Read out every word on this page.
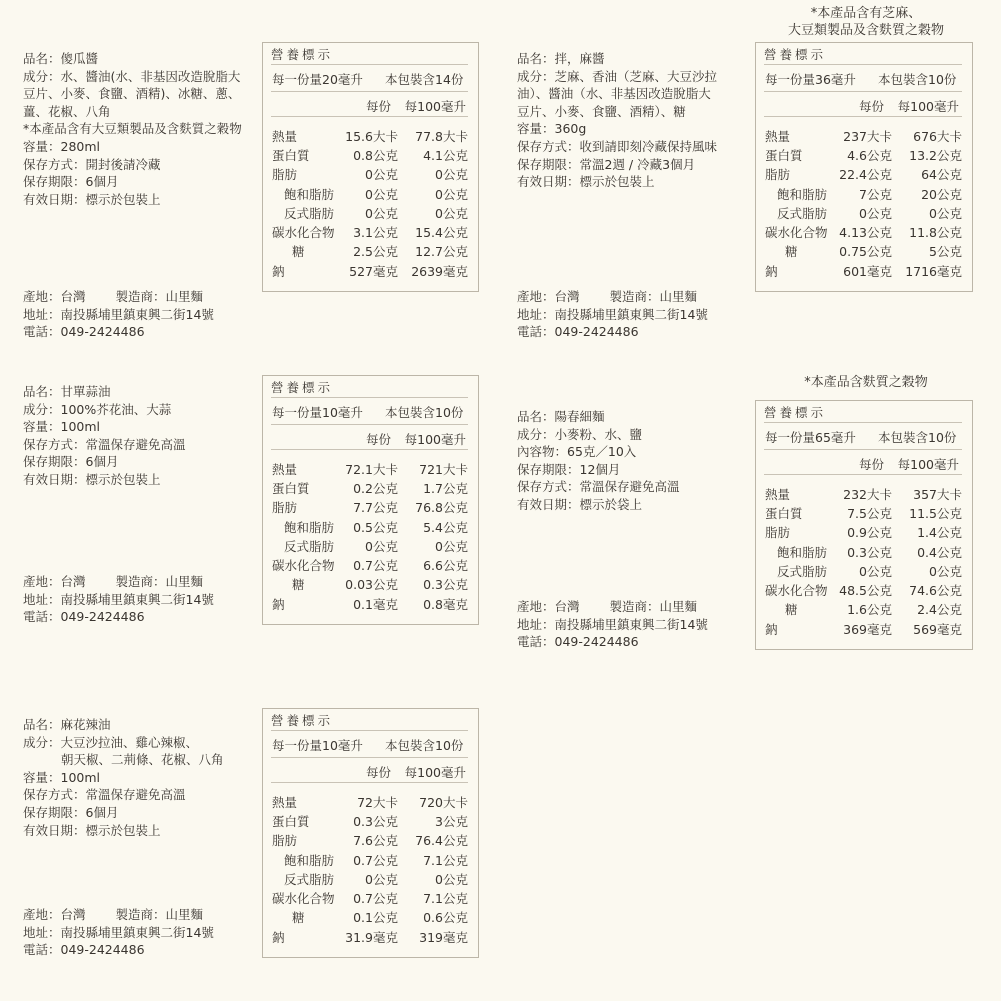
品名：傻瓜醬
成分：水、醬油(水、非基因改造脫脂大
豆片、小麥、食鹽、酒精)、冰糖、蔥、
薑、花椒、八角
*本產品含有大豆類製品及含麩質之穀物
容量：280ml
保存方式：開封後請冷藏
保存期限：6個月
有效日期：標示於包裝上
產地：台灣 製造商：山里麵
地址：南投縣埔里鎮東興二街14號
電話：049-2424486
營養標示
每一份量20毫升 本包裝含14份
每份	每100毫升
熱量	15.6大卡 77.8大卡
蛋白質	0.8公克 4.1公克
脂肪	0公克	0公克
飽和脂肪 0公克	0公克
反式脂肪 0公克	0公克
碳水化合物 3.1公克 15.4公克
糖	2.5公克 12.7公克
鈉	527毫克 2639毫克
品名：拌，麻醬
成分：芝麻、香油（芝麻、大豆沙拉
油）、醬油（水、非基因改造脫脂大
豆片、小麥、食鹽、酒精）、糖
容量：360g
保存方式：收到請即刻冷藏保持風味
保存期限：常溫2週 / 冷藏3個月
有效日期：標示於包裝上
產地：台灣 製造商：山里麵
地址：南投縣埔里鎮東興二街14號
電話：049-2424486
*本產品含有芝麻、
大豆類製品及含麩質之穀物
營養標示
每一份量36毫升 本包裝含10份
每份	每100毫升
熱量	237大卡 676大卡
蛋白質	4.6公克 13.2公克
脂肪	22.4公克 64公克
飽和脂肪	7公克 20公克
反式脂肪	0公克	0公克
碳水化合物 4.13公克 11.8公克
糖	0.75公克	5公克
鈉	601毫克 1716毫克
品名：甘單蒜油
成分：100%芥花油、大蒜
容量：100ml
保存方式：常溫保存避免高溫
保存期限：6個月
有效日期：標示於包裝上
產地：台灣 製造商：山里麵
地址：南投縣埔里鎮東興二街14號
電話：049-2424486
營養標示
每一份量10毫升 本包裝含10份
每份	每100毫升
熱量	72.1大卡 721大卡
蛋白質	0.2公克 1.7公克
脂肪	7.7公克 76.8公克
飽和脂肪 0.5公克 5.4公克
反式脂肪 0公克	0公克
碳水化合物 0.7公克 6.6公克
糖	0.03公克 0.3公克
鈉	0.1毫克 0.8毫克
品名：陽春細麵
成分：小麥粉、水、鹽
內容物：65克／10入
保存期限：12個月
保存方式：常溫保存避免高溫
有效日期：標示於袋上
產地：台灣 製造商：山里麵
地址：南投縣埔里鎮東興二街14號
電話：049-2424486
*本產品含麩質之穀物
營養標示
每一份量65毫升 本包裝含10份
每份	每100毫升
熱量	232大卡 357大卡
蛋白質	7.5公克 11.5公克
脂肪	0.9公克 1.4公克
飽和脂肪 0.3公克 0.4公克
反式脂肪	0公克	0公克
碳水化合物 48.5公克 74.6公克
糖	1.6公克 2.4公克
鈉	369毫克 569毫克
品名：麻花辣油
成分：大豆沙拉油、雞心辣椒、
朝天椒、二荊條、花椒、八角
容量：100ml
保存方式：常溫保存避免高溫
保存期限：6個月
有效日期：標示於包裝上
產地：台灣 製造商：山里麵
地址：南投縣埔里鎮東興二街14號
電話：049-2424486
營養標示
每一份量10毫升 本包裝含10份
每份	每100毫升
熱量	72大卡 720大卡
蛋白質	0.3公克	3公克
脂肪	7.6公克 76.4公克
飽和脂肪 0.7公克 7.1公克
反式脂肪 0公克	0公克
碳水化合物 0.7公克 7.1公克
糖	0.1公克 0.6公克
鈉	31.9毫克 319毫克
